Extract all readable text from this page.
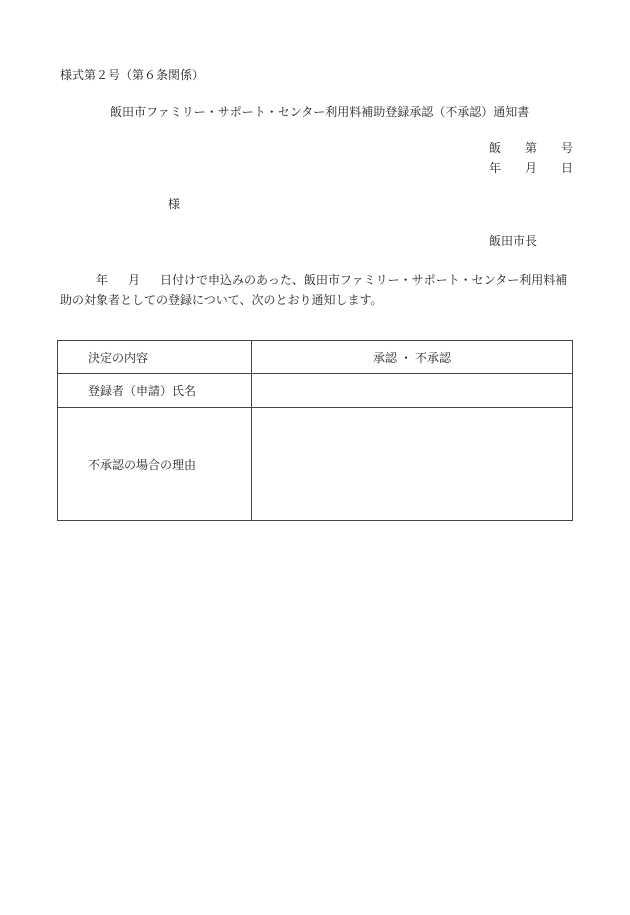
様式第２号（第６条関係）
飯田市ファミリー・サポート・センター利用料補助登録承認（不承認）通知書
飯 第 号
年 月 日
様
飯田市長
年 月 日付けで申込みのあった、飯田市ファミリー・サポート・センター利用料補助の対象者としての登録について、次のとおり通知します。
決定の内容	承認 ・ 不承認
登録者（申請）氏名	
不承認の場合の理由	
